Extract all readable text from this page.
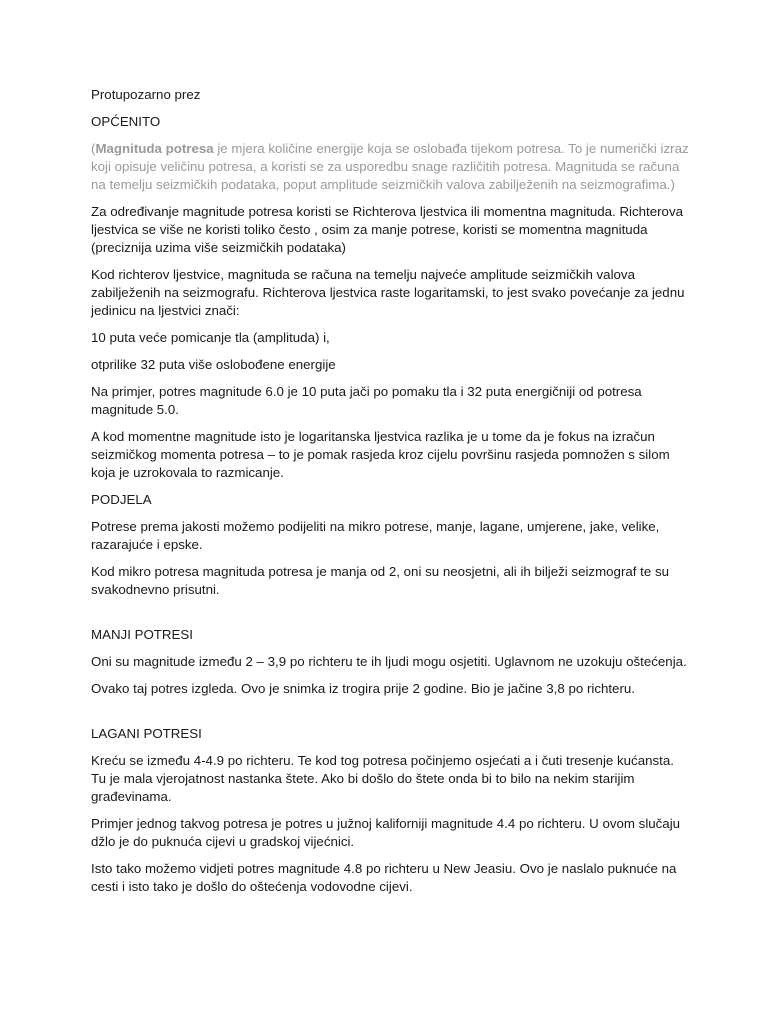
Protupozarno prez

OPĆENITO

(Magnituda potresa je mjera količine energije koja se oslobađa tijekom potresa. To je numerički izraz koji opisuje veličinu potresa, a koristi se za usporedbu snage različitih potresa. Magnituda se računa na temelju seizmičkih podataka, poput amplitude seizmičkih valova zabilježenih na seizmografima.)

Za određivanje magnitude potresa koristi se Richterova ljestvica ili momentna magnituda. Richterova ljestvica se više ne koristi toliko često , osim za manje potrese, koristi se momentna magnituda (preciznija uzima više seizmičkih podataka)

Kod richterov ljestvice, magnituda se računa na temelju najveće amplitude seizmičkih valova zabilježenih na seizmografu. Richterova ljestvica raste logaritamski, to jest svako povećanje za jednu jedinicu na ljestvici znači:

10 puta veće pomicanje tla (amplituda) i,

otprilike 32 puta više oslobođene energije

Na primjer, potres magnitude 6.0 je 10 puta jači po pomaku tla i 32 puta energičniji od potresa magnitude 5.0.

A kod momentne magnitude isto je logaritanska ljestvica razlika je u tome da je fokus na izračun seizmičkog momenta potresa – to je pomak rasjeda kroz cijelu površinu rasjeda pomnožen s silom koja je uzrokovala to razmicanje.

PODJELA

Potrese prema jakosti možemo podijeliti na mikro potrese, manje, lagane, umjerene, jake, velike, razarajuće i epske.

Kod mikro potresa magnituda potresa je manja od 2, oni su neosjetni, ali ih bilježi seizmograf te su svakodnevno prisutni.

MANJI POTRESI

Oni su magnitude između 2 – 3,9 po richteru te ih ljudi mogu osjetiti. Uglavnom ne uzokuju oštećenja.

Ovako taj potres izgleda. Ovo je snimka iz trogira prije 2 godine. Bio je jačine 3,8 po richteru.

LAGANI POTRESI

Kreću se između 4-4.9 po richteru. Te kod tog potresa počinjemo osjećati a i čuti tresenje kućansta. Tu je mala vjerojatnost nastanka štete. Ako bi došlo do štete onda bi to bilo na nekim starijim građevinama.

Primjer jednog takvog potresa je potres u južnoj kaliforniji magnitude 4.4 po richteru. U ovom slučaju džlo je do puknuća cijevi u gradskoj vijećnici.

Isto tako možemo vidjeti potres magnitude 4.8 po richteru u New Jeasiu. Ovo je naslalo puknuće na cesti i isto tako je došlo do oštećenja vodovodne cijevi.
